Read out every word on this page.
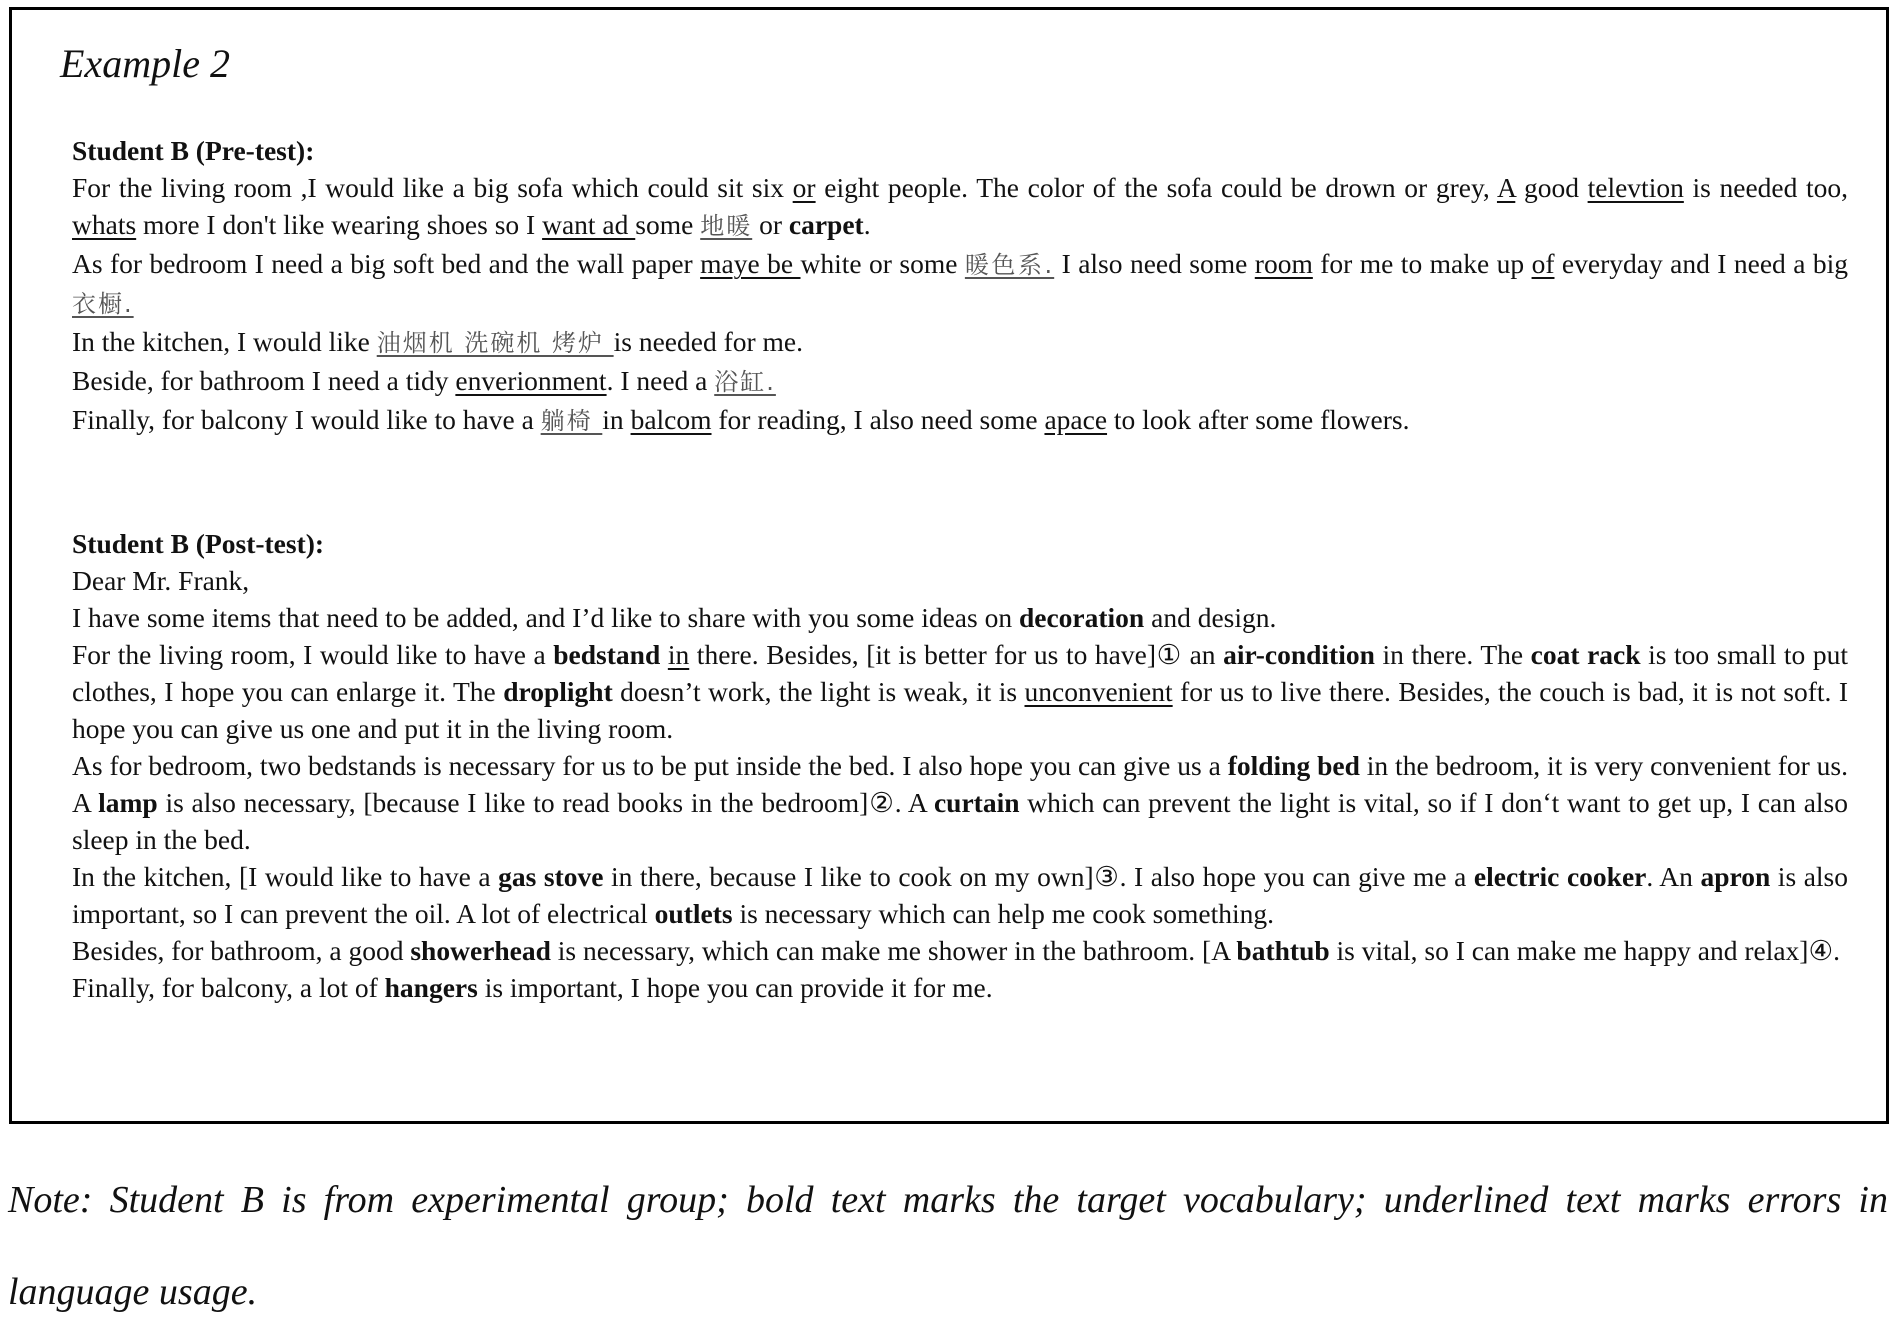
Example 2
Student B (Pre-test):
For the living room ,I would like a big sofa which could sit six or eight people. The color of the sofa could be drown or grey, A good televtion is needed too, whats more I don't like wearing shoes so I want ad some 地暖 or carpet.
As for bedroom I need a big soft bed and the wall paper maye be white or some 暖色系. I also need some room for me to make up of everyday and I need a big 衣橱.
In the kitchen, I would like 油烟机 洗碗机 烤炉 is needed for me.
Beside, for bathroom I need a tidy enverionment. I need a 浴缸.
Finally, for balcony I would like to have a 躺椅 in balcom for reading, I also need some apace to look after some flowers.
Student B (Post-test):
Dear Mr. Frank,
I have some items that need to be added, and I’d like to share with you some ideas on decoration and design.
For the living room, I would like to have a bedstand in there. Besides, [it is better for us to have]① an air-condition in there. The coat rack is too small to put clothes, I hope you can enlarge it. The droplight doesn’t work, the light is weak, it is unconvenient for us to live there. Besides, the couch is bad, it is not soft. I hope you can give us one and put it in the living room.
As for bedroom, two bedstands is necessary for us to be put inside the bed. I also hope you can give us a folding bed in the bedroom, it is very convenient for us. A lamp is also necessary, [because I like to read books in the bedroom]②. A curtain which can prevent the light is vital, so if I don‘t want to get up, I can also sleep in the bed.
In the kitchen, [I would like to have a gas stove in there, because I like to cook on my own]③. I also hope you can give me a electric cooker. An apron is also important, so I can prevent the oil. A lot of electrical outlets is necessary which can help me cook something.
Besides, for bathroom, a good showerhead is necessary, which can make me shower in the bathroom. [A bathtub is vital, so I can make me happy and relax]④.
Finally, for balcony, a lot of hangers is important, I hope you can provide it for me.
Note: Student B is from experimental group; bold text marks the target vocabulary; underlined text marks errors in language usage.
